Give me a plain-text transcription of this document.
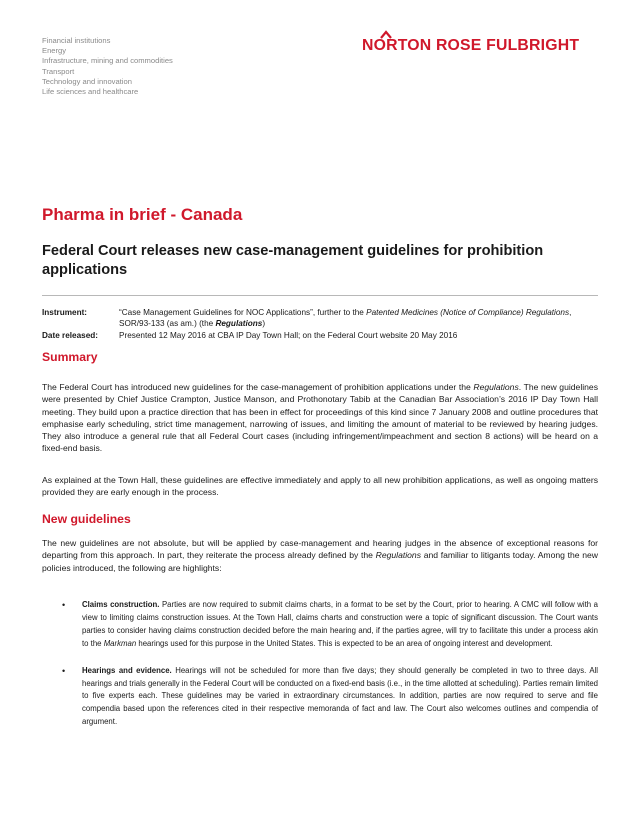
Financial institutions
Energy
Infrastructure, mining and commodities
Transport
Technology and innovation
Life sciences and healthcare
NORTON ROSE FULBRIGHT
Pharma in brief - Canada
Federal Court releases new case-management guidelines for prohibition applications
Instrument:	“Case Management Guidelines for NOC Applications”, further to the Patented Medicines (Notice of Compliance) Regulations, SOR/93-133 (as am.) (the Regulations)
Date released:	Presented 12 May 2016 at CBA IP Day Town Hall; on the Federal Court website 20 May 2016
Summary

The Federal Court has introduced new guidelines for the case-management of prohibition applications under the Regulations. The new guidelines were presented by Chief Justice Crampton, Justice Manson, and Prothonotary Tabib at the Canadian Bar Association’s 2016 IP Day Town Hall meeting. They build upon a practice direction that has been in effect for proceedings of this kind since 7 January 2008 and outline procedures that emphasise early scheduling, strict time management, narrowing of issues, and limiting the amount of material to be reviewed by hearing judges. They also introduce a general rule that all Federal Court cases (including infringement/impeachment and section 8 actions) will be heard on a fixed-end basis.

As explained at the Town Hall, these guidelines are effective immediately and apply to all new prohibition applications, as well as ongoing matters provided they are early enough in the process.

New guidelines

The new guidelines are not absolute, but will be applied by case-management and hearing judges in the absence of exceptional reasons for departing from this approach. In part, they reiterate the process already defined by the Regulations and familiar to litigants today. Among the new policies introduced, the following are highlights:

• Claims construction. Parties are now required to submit claims charts, in a format to be set by the Court, prior to hearing. A CMC will follow with a view to limiting claims construction issues. At the Town Hall, claims charts and construction were a topic of significant discussion. The Court wants parties to consider having claims construction decided before the main hearing and, if the parties agree, will try to facilitate this under a process akin to the Markman hearings used for this purpose in the United States. This is expected to be an area of ongoing interest and development.
• Hearings and evidence. Hearings will not be scheduled for more than five days; they should generally be completed in two to three days. All hearings and trials generally in the Federal Court will be conducted on a fixed-end basis (i.e., in the time allotted at scheduling). Parties remain limited to five experts each. These guidelines may be varied in extraordinary circumstances. In addition, parties are now required to serve and file compendia based upon the references cited in their respective memoranda of fact and law. The Court also welcomes outlines and compendia of argument.
